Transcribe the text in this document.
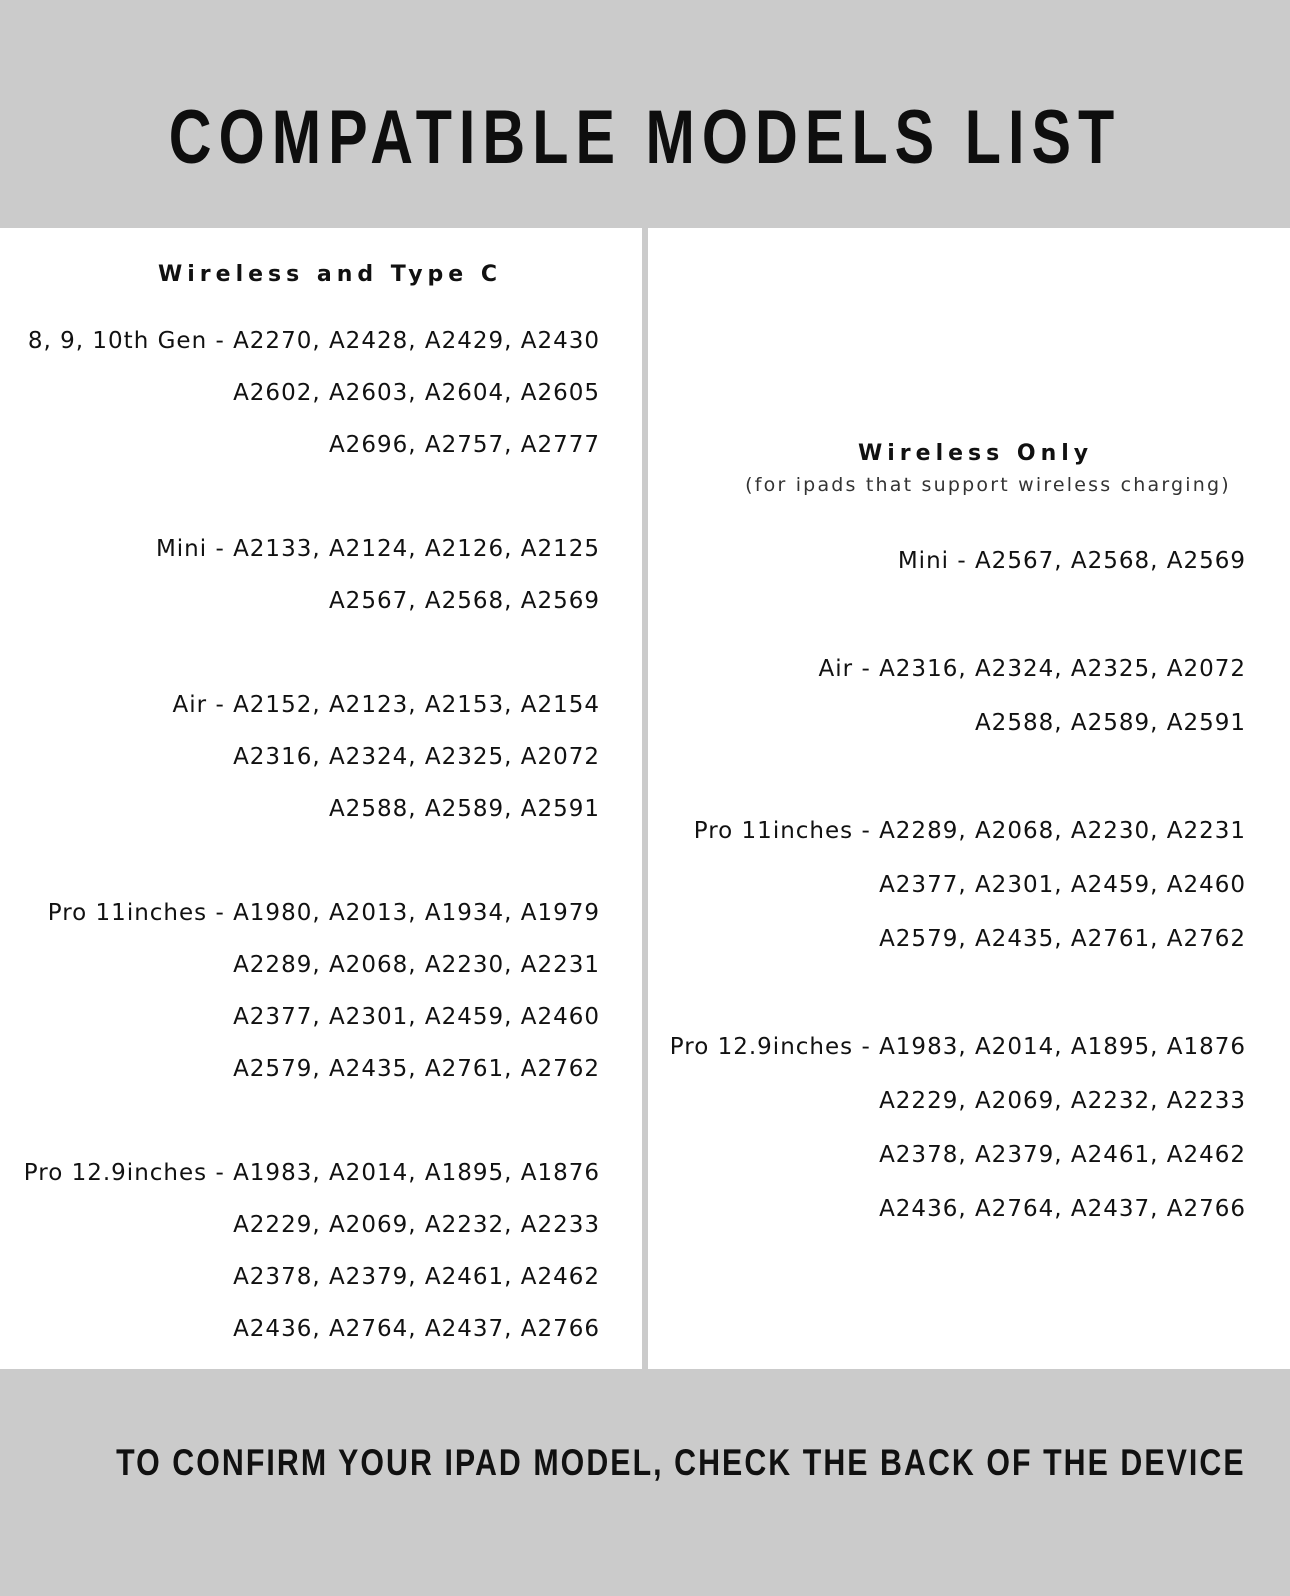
COMPATIBLE MODELS LIST
Wireless and Type C
8, 9, 10th Gen - A2270, A2428, A2429, A2430
A2602, A2603, A2604, A2605
A2696, A2757, A2777
Mini - A2133, A2124, A2126, A2125
A2567, A2568, A2569
Air - A2152, A2123, A2153, A2154
A2316, A2324, A2325, A2072
A2588, A2589, A2591
Pro 11inches - A1980, A2013, A1934, A1979
A2289, A2068, A2230, A2231
A2377, A2301, A2459, A2460
A2579, A2435, A2761, A2762
Pro 12.9inches - A1983, A2014, A1895, A1876
A2229, A2069, A2232, A2233
A2378, A2379, A2461, A2462
A2436, A2764, A2437, A2766
Wireless Only
(for ipads that support wireless charging)
Mini - A2567, A2568, A2569
Air - A2316, A2324, A2325, A2072
A2588, A2589, A2591
Pro 11inches - A2289, A2068, A2230, A2231
A2377, A2301, A2459, A2460
A2579, A2435, A2761, A2762
Pro 12.9inches - A1983, A2014, A1895, A1876
A2229, A2069, A2232, A2233
A2378, A2379, A2461, A2462
A2436, A2764, A2437, A2766

TO CONFIRM YOUR IPAD MODEL, CHECK THE BACK OF THE DEVICE
